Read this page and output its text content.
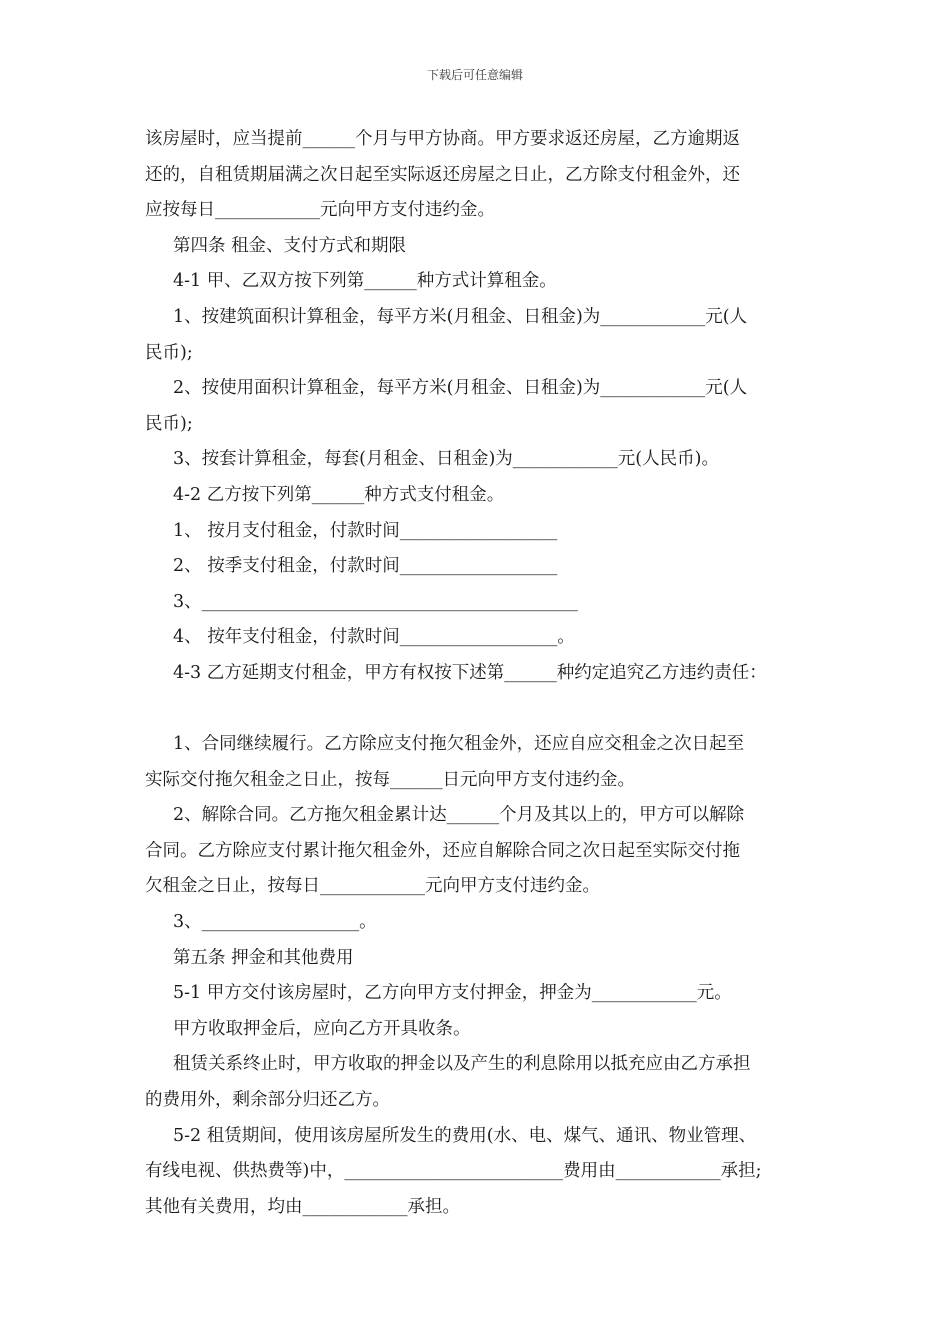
下载后可任意编辑

该房屋时，应当提前______个月与甲方协商。甲方要求返还房屋，乙方逾期返

还的，自租赁期届满之次日起至实际返还房屋之日止，乙方除支付租金外，还

应按每日____________元向甲方支付违约金。

第四条 租金、支付方式和期限

4-1 甲、乙双方按下列第______种方式计算租金。

1、按建筑面积计算租金，每平方米(月租金、日租金)为____________元(人

民币);

2、按使用面积计算租金，每平方米(月租金、日租金)为____________元(人

民币);

3、按套计算租金，每套(月租金、日租金)为____________元(人民币)。

4-2 乙方按下列第______种方式支付租金。

1、 按月支付租金，付款时间__________________

2、 按季支付租金，付款时间__________________

3、___________________________________________

4、 按年支付租金，付款时间__________________。

4-3 乙方延期支付租金，甲方有权按下述第______种约定追究乙方违约责任：

1、合同继续履行。乙方除应支付拖欠租金外，还应自应交租金之次日起至

实际交付拖欠租金之日止，按每______日元向甲方支付违约金。

2、解除合同。乙方拖欠租金累计达______个月及其以上的，甲方可以解除

合同。乙方除应支付累计拖欠租金外，还应自解除合同之次日起至实际交付拖

欠租金之日止，按每日____________元向甲方支付违约金。

3、__________________。

第五条 押金和其他费用

5-1 甲方交付该房屋时，乙方向甲方支付押金，押金为____________元。

甲方收取押金后，应向乙方开具收条。

租赁关系终止时，甲方收取的押金以及产生的利息除用以抵充应由乙方承担

的费用外，剩余部分归还乙方。

5-2 租赁期间，使用该房屋所发生的费用(水、电、煤气、通讯、物业管理、

有线电视、供热费等)中，_________________________费用由____________承担;

其他有关费用，均由____________承担。
